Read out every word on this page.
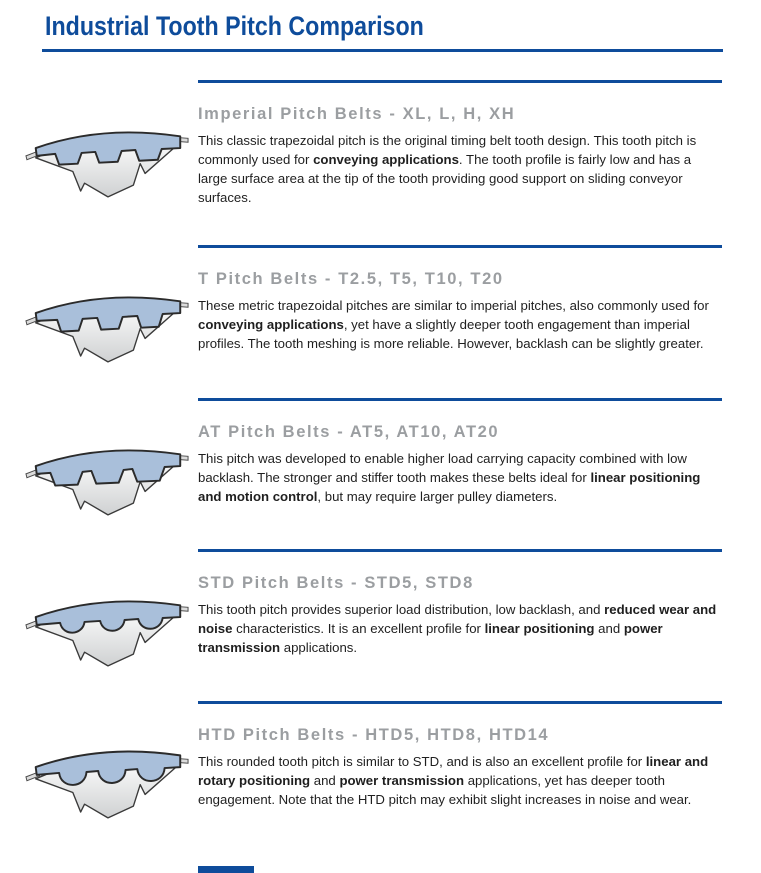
Industrial Tooth Pitch Comparison
Imperial Pitch Belts - XL, L, H, XH

This classic trapezoidal pitch is the original timing belt tooth design. This tooth pitch is commonly used for conveying applications. The tooth profile is fairly low and has a large surface area at the tip of the tooth providing good support on sliding conveyor surfaces.

T Pitch Belts - T2.5, T5, T10, T20

These metric trapezoidal pitches are similar to imperial pitches, also commonly used for conveying applications, yet have a slightly deeper tooth engagement than imperial profiles. The tooth meshing is more reliable. However, backlash can be slightly greater.

AT Pitch Belts - AT5, AT10, AT20

This pitch was developed to enable higher load carrying capacity combined with low backlash. The stronger and stiffer tooth makes these belts ideal for linear positioning and motion control, but may require larger pulley diameters.

STD Pitch Belts - STD5, STD8

This tooth pitch provides superior load distribution, low backlash, and reduced wear and noise characteristics. It is an excellent profile for linear positioning and power transmission applications.

HTD Pitch Belts - HTD5, HTD8, HTD14

This rounded tooth pitch is similar to STD, and is also an excellent profile for linear and rotary positioning and power transmission applications, yet has deeper tooth engagement. Note that the HTD pitch may exhibit slight increases in noise and wear.
